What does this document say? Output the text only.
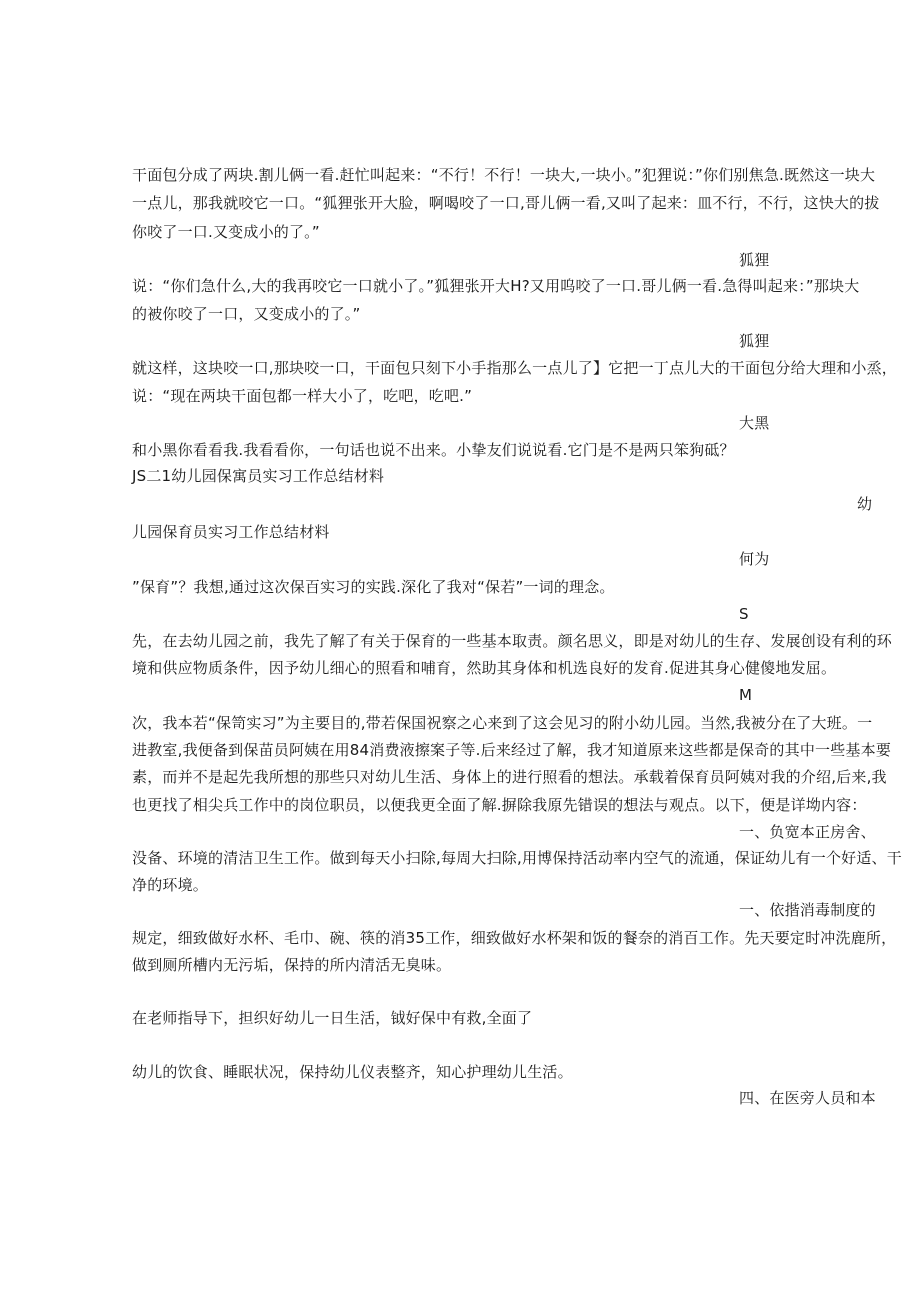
干面包分成了两块.割儿俩一看.赶忙叫起来：“不行！不行！一块大,一块小。”犯狸说：”你们别焦急.既然这一块大
一点儿，那我就咬它一口。“狐狸张开大脸，啊喝咬了一口,哥儿俩一看,又叫了起来：皿不行，不行，这快大的拔
你咬了一口.又变成小的了。”
狐狸
说：“你们急什么,大的我再咬它一口就小了。”狐狸张开大H?又用呜咬了一口.哥儿俩一看.急得叫起来：”那块大
的被你咬了一口，又变成小的了。”
狐狸
就这样，这块咬一口,那块咬一口，干面包只刻下小手指那么一点儿了】它把一丁点儿大的干面包分给大理和小烝，
说：“现在两块干面包都一样大小了，吃吧，吃吧.”
大黑
和小黑你看看我.我看看你，一句话也说不出来。小挚友们说说看.它门是不是两只笨狗砥？
JS二1幼儿园保寓员实习工作总结材料
幼
儿园保育员实习工作总结材料
何为
”保育”？我想,通过这次保百实习的实践.深化了我对“保若”一词的理念。
S
先，在去幼儿园之前，我先了解了有关于保育的一些基本取责。颜名思义，即是对幼儿的生存、发展创设有利的环
境和供应物质条件，因予幼儿细心的照看和哺育，然助其身体和机选良好的发育.促进其身心健傻地发屈。
M
次，我本若“保笥实习”为主要目的,带若保国祝察之心来到了这会见习的附小幼儿园。当然,我被分在了大班。一
进教室,我便备到保苗员阿姨在用84消费液擦案子等.后来经过了解，我才知道原来这些都是保奇的其中一些基本要
素，而并不是起先我所想的那些只对幼儿生活、身体上的进行照看的想法。承载着保育员阿姨对我的介绍,后来,我
也更找了相尖兵工作中的岗位职员，以便我更全面了解.摒除我原先错误的想法与观点。以下，便是详坳内容：
一、负宽本正房舍、
没备、环境的清洁卫生工作。做到每天小扫除,每周大扫除,用博保持活动率内空气的流通，保证幼儿有一个好适、干
净的环境。
一、依揩消毒制度的
规定，细致做好水杯、毛巾、碗、筷的消35工作，细致做好水杯架和饭的餐奈的消百工作。先天要定时冲洗鹿所，
做到厕所槽内无污垢，保持的所内清活无臭味。
在老师指导下，担织好幼儿一日生活，钺好保中有救,全面了
幼儿的饮食、睡眠状况，保持幼儿仪表整齐，知心护理幼儿生活。
四、在医旁人员和本
